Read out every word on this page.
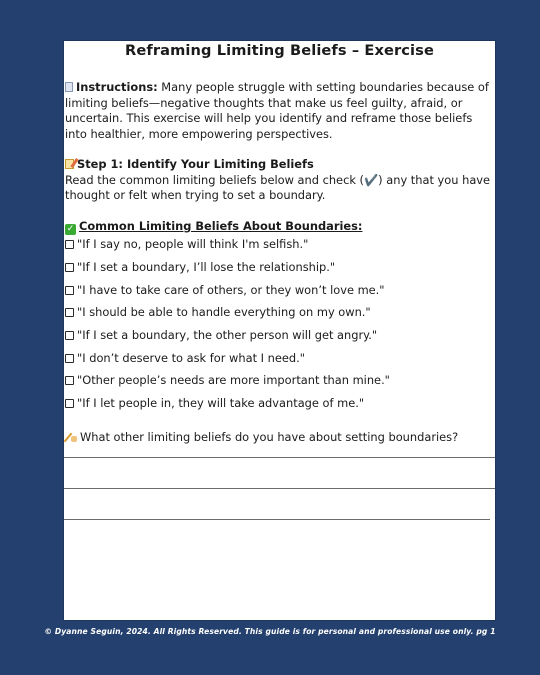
Reframing Limiting Beliefs – Exercise
Instructions: Many people struggle with setting boundaries because of limiting beliefs—negative thoughts that make us feel guilty, afraid, or uncertain. This exercise will help you identify and reframe those beliefs into healthier, more empowering perspectives.
Step 1: Identify Your Limiting Beliefs
Read the common limiting beliefs below and check (✔️) any that you have thought or felt when trying to set a boundary.
✓ Common Limiting Beliefs About Boundaries:
"If I say no, people will think I'm selfish."
"If I set a boundary, I’ll lose the relationship."
"I have to take care of others, or they won’t love me."
"I should be able to handle everything on my own."
"If I set a boundary, the other person will get angry."
"I don’t deserve to ask for what I need."
"Other people’s needs are more important than mine."
"If I let people in, they will take advantage of me."
What other limiting beliefs do you have about setting boundaries?
© Dyanne Seguin, 2024. All Rights Reserved. This guide is for personal and professional use only. pg 1
